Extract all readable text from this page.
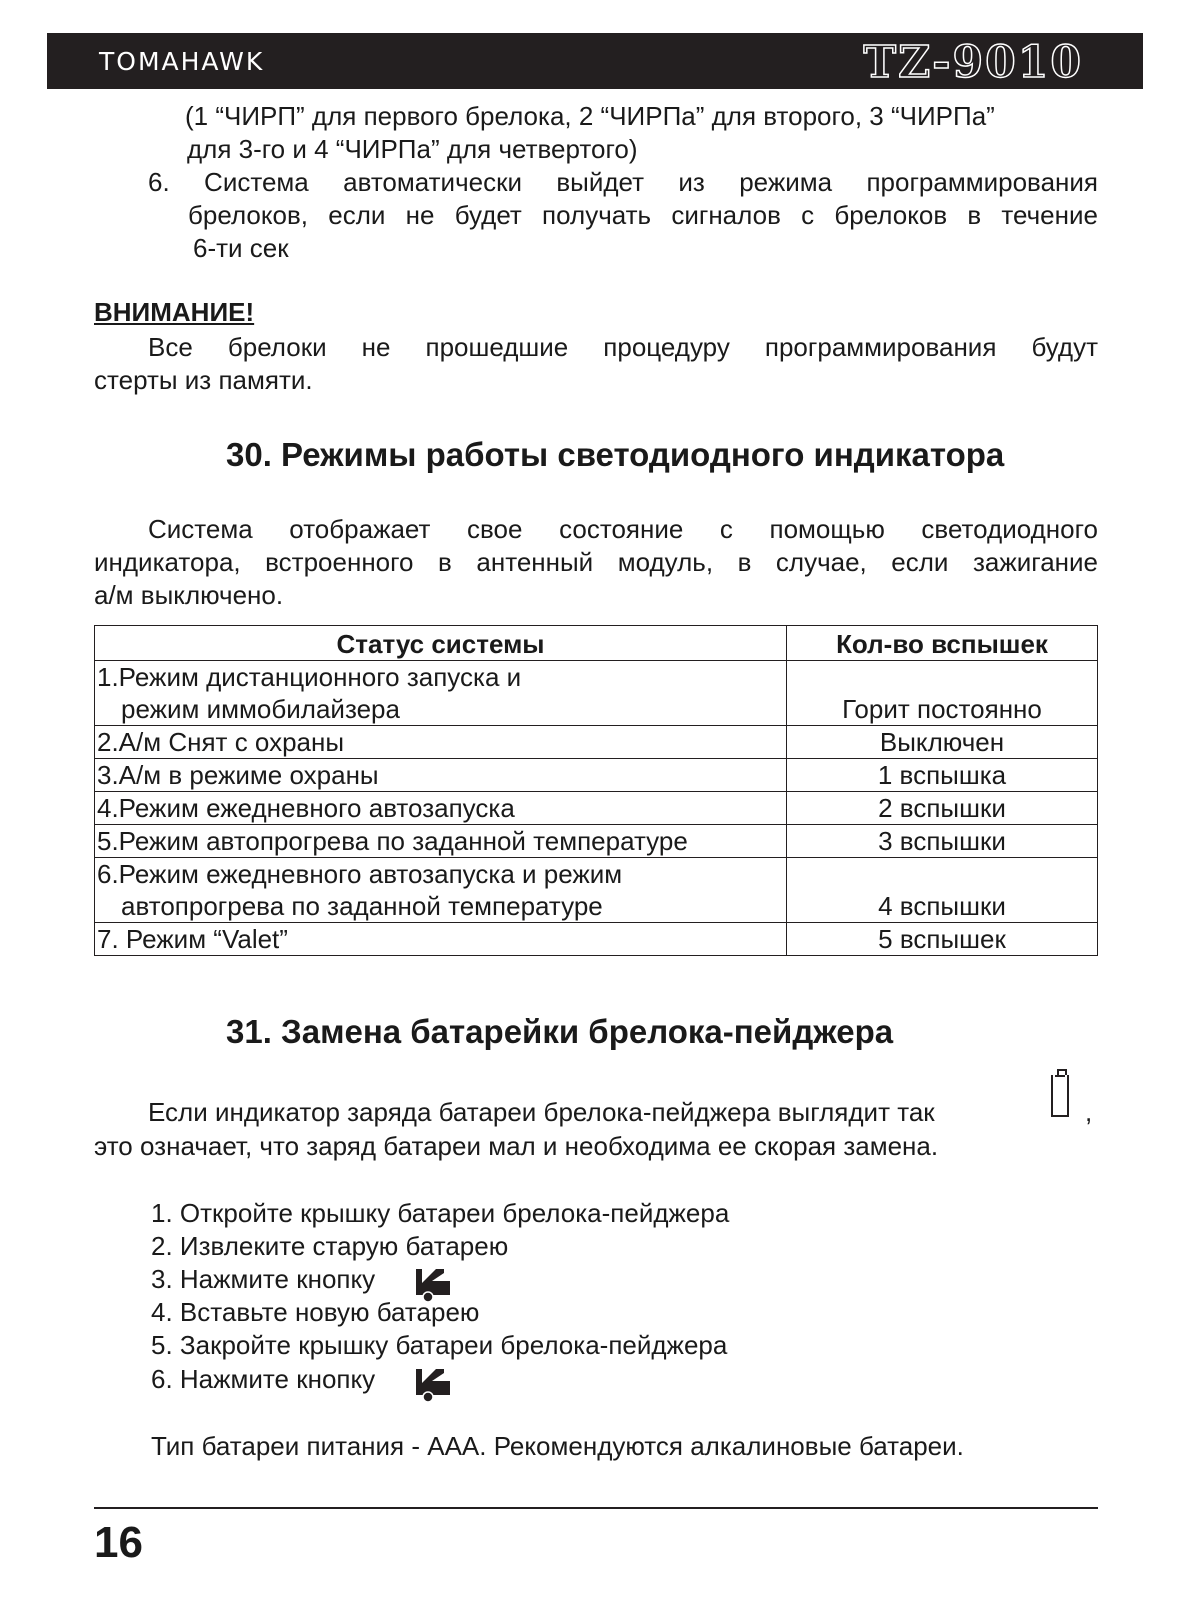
TOMAHAWK	TZ-9010
(1 “ЧИРП” для первого брелока, 2 “ЧИРПа” для второго, 3 “ЧИРПа”
для 3-го и 4 “ЧИРПа” для четвертого)
6. Система автоматически выйдет из режима программирования
брелоков, если не будет получать сигналов с брелоков в течение
6-ти сек
ВНИМАНИЕ!
Все брелоки не прошедшие процедуру программирования будут
стерты из памяти.
30. Режимы работы светодиодного индикатора
Система отображает свое состояние с помощью светодиодного
индикатора, встроенного в антенный модуль, в случае, если зажигание
а/м выключено.
Статус системы	Кол-во вспышек

1.Режим дистанционного запуска и
режим иммобилайзера	Горит постоянно
2.А/м Снят с охраны	Выключен
3.А/м в режиме охраны	1 вспышка
4.Режим ежедневного автозапуска	2 вспышки
5.Режим автопрогрева по заданной температуре	3 вспышки

6.Режим ежедневного автозапуска и режим
автопрогрева по заданной температуре	4 вспышки
7. Режим “Valet”	5 вспышек
31. Замена батарейки брелока-пейджера
Если индикатор заряда батареи брелока-пейджера выглядит так	,
это означает, что заряд батареи мал и необходима ее скорая замена.
1. Откройте крышку батареи брелока-пейджера
2. Извлеките старую батарею
3. Нажмите кнопку
4. Вставьте новую батарею
5. Закройте крышку батареи брелока-пейджера
6. Нажмите кнопку
Тип батареи питания - ААА. Рекомендуются алкалиновые батареи.
16
